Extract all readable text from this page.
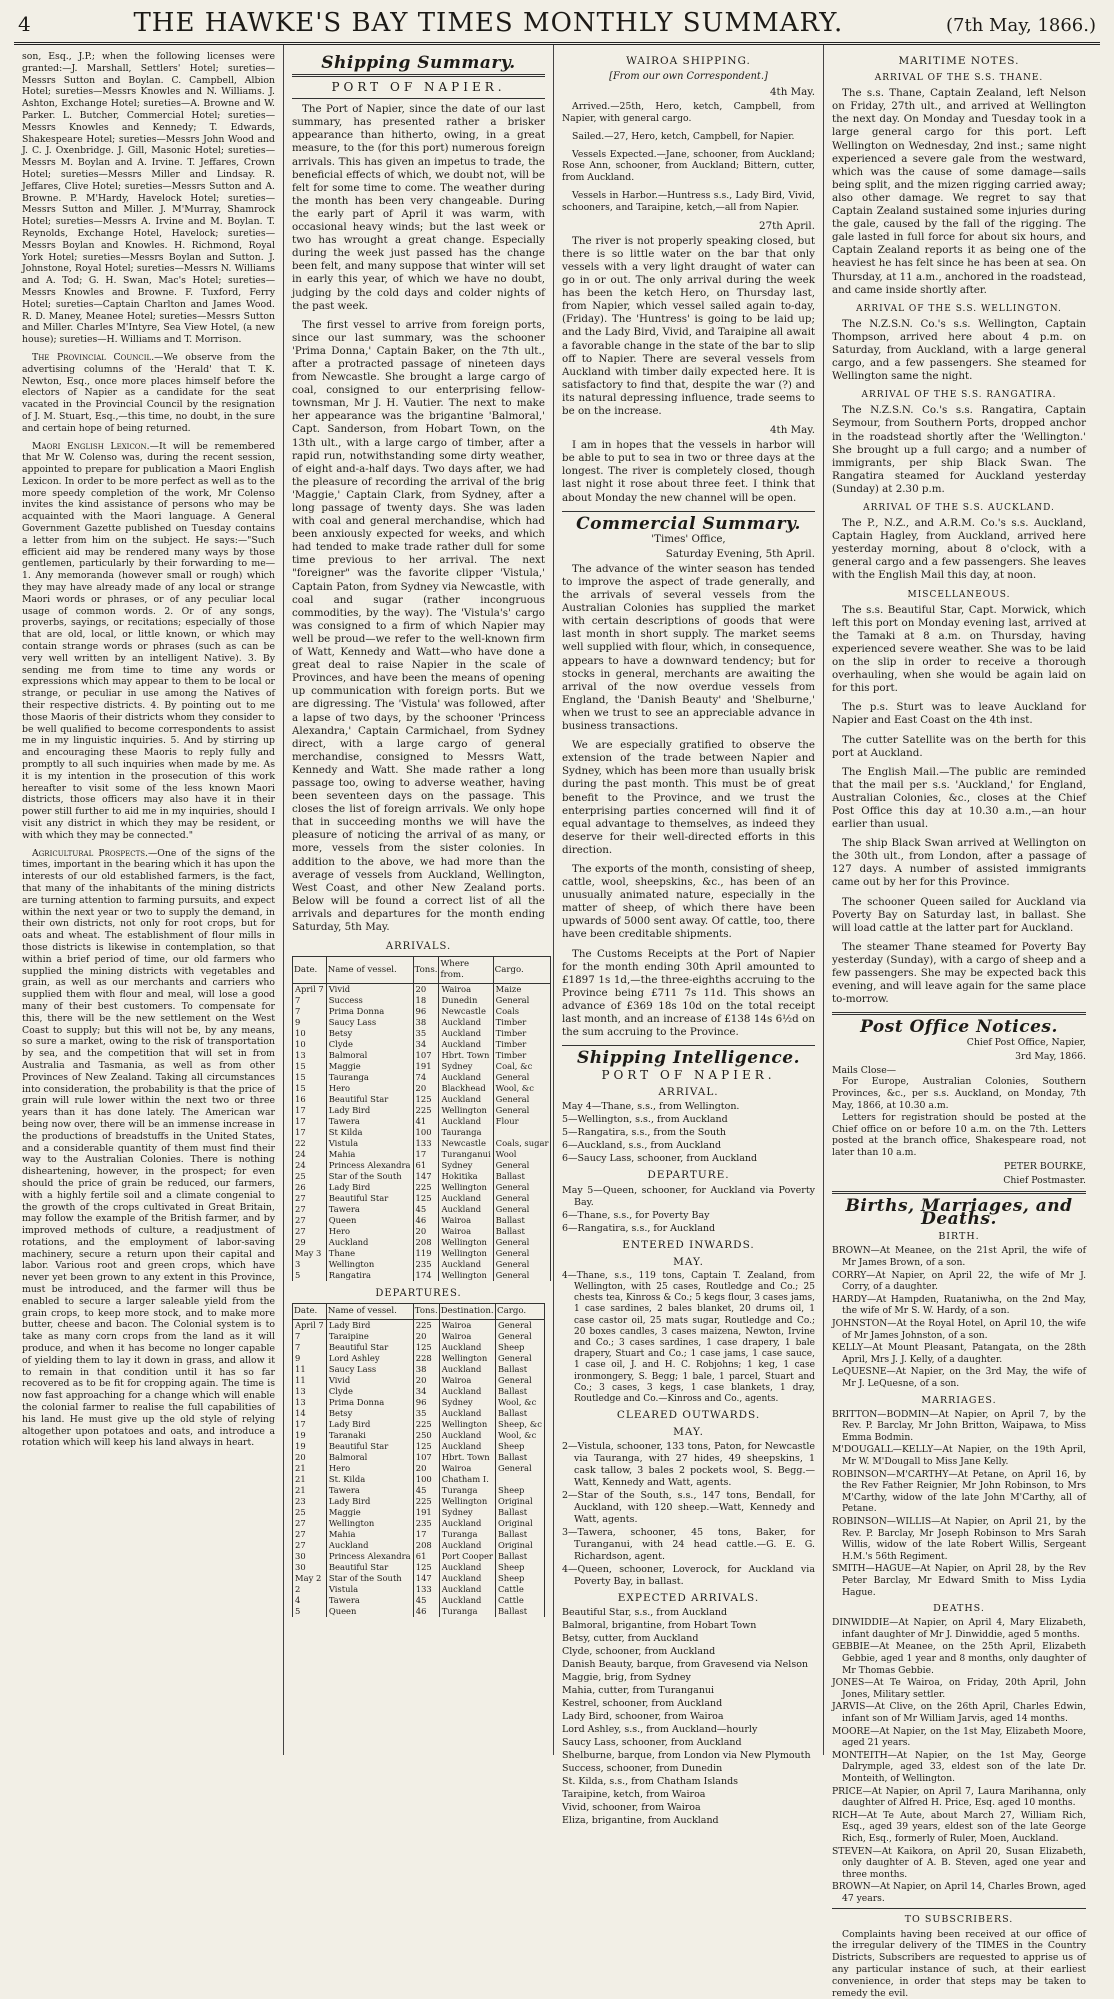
4	THE HAWKE'S BAY TIMES MONTHLY SUMMARY.	(7th May, 1866.)

son, Esq., J.P.; when the following licenses were granted:—J. Marshall, Settlers' Hotel; sureties—Messrs Sutton and Boylan. C. Campbell, Albion Hotel; sureties—Messrs Knowles and N. Williams. J. Ashton, Exchange Hotel; sureties—A. Browne and W. Parker. L. Butcher, Commercial Hotel; sureties—Messrs Knowles and Kennedy; T. Edwards, Shakespeare Hotel; sureties—Messrs John Wood and J. C. J. Oxenbridge. J. Gill, Masonic Hotel; sureties—Messrs M. Boylan and A. Irvine. T. Jeffares, Crown Hotel; sureties—Messrs Miller and Lindsay. R. Jeffares, Clive Hotel; sureties—Messrs Sutton and A. Browne. P. M'Hardy, Havelock Hotel; sureties—Messrs Sutton and Miller. J. M'Murray, Shamrock Hotel; sureties—Messrs A. Irvine and M. Boylan. T. Reynolds, Exchange Hotel, Havelock; sureties—Messrs Boylan and Knowles. H. Richmond, Royal York Hotel; sureties—Messrs Boylan and Sutton. J. Johnstone, Royal Hotel; sureties—Messrs N. Williams and A. Tod; G. H. Swan, Mac's Hotel; sureties—Messrs Knowles and Browne. F. Tuxford, Ferry Hotel; sureties—Captain Charlton and James Wood. R. D. Maney, Meanee Hotel; sureties—Messrs Sutton and Miller. Charles M'Intyre, Sea View Hotel, (a new house); sureties—H. Williams and T. Morrison.

The Provincial Council.—We observe from the advertising columns of the 'Herald' that T. K. Newton, Esq., once more places himself before the electors of Napier as a candidate for the seat vacated in the Provincial Council by the resignation of J. M. Stuart, Esq.,—this time, no doubt, in the sure and certain hope of being returned.

Maori English Lexicon.—It will be remembered that Mr W. Colenso was, during the recent session, appointed to prepare for publication a Maori English Lexicon. In order to be more perfect as well as to the more speedy completion of the work, Mr Colenso invites the kind assistance of persons who may be acquainted with the Maori language. A General Government Gazette published on Tuesday contains a letter from him on the subject. He says:—"Such efficient aid may be rendered many ways by those gentlemen, particularly by their forwarding to me—1. Any memoranda (however small or rough) which they may have already made of any local or strange Maori words or phrases, or of any peculiar local usage of common words. 2. Or of any songs, proverbs, sayings, or recitations; especially of those that are old, local, or little known, or which may contain strange words or phrases (such as can be very well written by an intelligent Native). 3. By sending me from time to time any words or expressions which may appear to them to be local or strange, or peculiar in use among the Natives of their respective districts. 4. By pointing out to me those Maoris of their districts whom they consider to be well qualified to become correspondents to assist me in my linguistic inquiries. 5. And by stirring up and encouraging these Maoris to reply fully and promptly to all such inquiries when made by me. As it is my intention in the prosecution of this work hereafter to visit some of the less known Maori districts, those officers may also have it in their power still further to aid me in my inquiries, should I visit any district in which they may be resident, or with which they may be connected."

Agricultural Prospects.—One of the signs of the times, important in the bearing which it has upon the interests of our old established farmers, is the fact, that many of the inhabitants of the mining districts are turning attention to farming pursuits, and expect within the next year or two to supply the demand, in their own districts, not only for root crops, but for oats and wheat. The establishment of flour mills in those districts is likewise in contemplation, so that within a brief period of time, our old farmers who supplied the mining districts with vegetables and grain, as well as our merchants and carriers who supplied them with flour and meal, will lose a good many of their best customers. To compensate for this, there will be the new settlement on the West Coast to supply; but this will not be, by any means, so sure a market, owing to the risk of transportation by sea, and the competition that will set in from Australia and Tasmania, as well as from other Provinces of New Zealand. Taking all circumstances into consideration, the probability is that the price of grain will rule lower within the next two or three years than it has done lately. The American war being now over, there will be an immense increase in the productions of breadstuffs in the United States, and a considerable quantity of them must find their way to the Australian Colonies. There is nothing disheartening, however, in the prospect; for even should the price of grain be reduced, our farmers, with a highly fertile soil and a climate congenial to the growth of the crops cultivated in Great Britain, may follow the example of the British farmer, and by improved methods of culture, a readjustment of rotations, and the employment of labor-saving machinery, secure a return upon their capital and labor. Various root and green crops, which have never yet been grown to any extent in this Province, must be introduced, and the farmer will thus be enabled to secure a larger saleable yield from the grain crops, to keep more stock, and to make more butter, cheese and bacon. The Colonial system is to take as many corn crops from the land as it will produce, and when it has become no longer capable of yielding them to lay it down in grass, and allow it to remain in that condition until it has so far recovered as to be fit for cropping again. The time is now fast approaching for a change which will enable the colonial farmer to realise the full capabilities of his land. He must give up the old style of relying altogether upon potatoes and oats, and introduce a rotation which will keep his land always in heart.

Shipping Summary.
PORT OF NAPIER.

The Port of Napier, since the date of our last summary, has presented rather a brisker appearance than hitherto, owing, in a great measure, to the (for this port) numerous foreign arrivals. This has given an impetus to trade, the beneficial effects of which, we doubt not, will be felt for some time to come. The weather during the month has been very changeable. During the early part of April it was warm, with occasional heavy winds; but the last week or two has wrought a great change. Especially during the week just passed has the change been felt, and many suppose that winter will set in early this year, of which we have no doubt, judging by the cold days and colder nights of the past week.

The first vessel to arrive from foreign ports, since our last summary, was the schooner 'Prima Donna,' Captain Baker, on the 7th ult., after a protracted passage of nineteen days from Newcastle. She brought a large cargo of coal, consigned to our enterprising fellow-townsman, Mr J. H. Vautier. The next to make her appearance was the brigantine 'Balmoral,' Capt. Sanderson, from Hobart Town, on the 13th ult., with a large cargo of timber, after a rapid run, notwithstanding some dirty weather, of eight and-a-half days. Two days after, we had the pleasure of recording the arrival of the brig 'Maggie,' Captain Clark, from Sydney, after a long passage of twenty days. She was laden with coal and general merchandise, which had been anxiously expected for weeks, and which had tended to make trade rather dull for some time previous to her arrival. The next "foreigner" was the favorite clipper 'Vistula,' Captain Paton, from Sydney via Newcastle, with coal and sugar (rather incongruous commodities, by the way). The 'Vistula's' cargo was consigned to a firm of which Napier may well be proud—we refer to the well-known firm of Watt, Kennedy and Watt—who have done a great deal to raise Napier in the scale of Provinces, and have been the means of opening up communication with foreign ports. But we are digressing. The 'Vistula' was followed, after a lapse of two days, by the schooner 'Princess Alexandra,' Captain Carmichael, from Sydney direct, with a large cargo of general merchandise, consigned to Messrs Watt, Kennedy and Watt. She made rather a long passage too, owing to adverse weather, having been seventeen days on the passage. This closes the list of foreign arrivals. We only hope that in succeeding months we will have the pleasure of noticing the arrival of as many, or more, vessels from the sister colonies. In addition to the above, we had more than the average of vessels from Auckland, Wellington, West Coast, and other New Zealand ports. Below will be found a correct list of all the arrivals and departures for the month ending Saturday, 5th May.

ARRIVALS.
Date.	Name of vessel.	Tons.	Where from.	Cargo.
April 7	Vivid	20	Wairoa	Maize
7	Success	18	Dunedin	General
7	Prima Donna	96	Newcastle	Coals
9	Saucy Lass	38	Auckland	Timber
10	Betsy	35	Auckland	Timber
10	Clyde	34	Auckland	Timber
13	Balmoral	107	Hbrt. Town	Timber
15	Maggie	191	Sydney	Coal, &c
15	Tauranga	74	Auckland	General
15	Hero	20	Blackhead	Wool, &c
16	Beautiful Star	125	Auckland	General
17	Lady Bird	225	Wellington	General
17	Tawera	41	Auckland	Flour
17	St Kilda	100	Tauranga	
22	Vistula	133	Newcastle	Coals, sugar
24	Mahia	17	Turanganui	Wool
24	Princess Alexandra	61	Sydney	General
25	Star of the South	147	Hokitika	Ballast
26	Lady Bird	225	Wellington	General
27	Beautiful Star	125	Auckland	General
27	Tawera	45	Auckland	General
27	Queen	46	Wairoa	Ballast
27	Hero	20	Wairoa	Ballast
29	Auckland	208	Wellington	General
May 3	Thane	119	Wellington	General
3	Wellington	235	Auckland	General
5	Rangatira	174	Wellington	General
DEPARTURES.
Date.	Name of vessel.	Tons.	Destination.	Cargo.
April 7	Lady Bird	225	Wairoa	General
7	Taraipine	20	Wairoa	General
7	Beautiful Star	125	Auckland	Sheep
9	Lord Ashley	228	Wellington	General
11	Saucy Lass	38	Auckland	Ballast
11	Vivid	20	Wairoa	General
13	Clyde	34	Auckland	Ballast
13	Prima Donna	96	Sydney	Wool, &c
14	Betsy	35	Auckland	Ballast
17	Lady Bird	225	Wellington	Sheep, &c
19	Taranaki	250	Auckland	Wool, &c
19	Beautiful Star	125	Auckland	Sheep
20	Balmoral	107	Hbrt. Town	Ballast
21	Hero	20	Wairoa	General
21	St. Kilda	100	Chatham I.	
21	Tawera	45	Turanga	Sheep
23	Lady Bird	225	Wellington	Original
25	Maggie	191	Sydney	Ballast
27	Wellington	235	Auckland	Original
27	Mahia	17	Turanga	Ballast
27	Auckland	208	Auckland	Original
30	Princess Alexandra	61	Port Cooper	Ballast
30	Beautiful Star	125	Auckland	Sheep
May 2	Star of the South	147	Auckland	Sheep
2	Vistula	133	Auckland	Cattle
4	Tawera	45	Auckland	Cattle
5	Queen	46	Turanga	Ballast
WAIROA SHIPPING.
[From our own Correspondent.]
4th May.

Arrived.—25th, Hero, ketch, Campbell, from Napier, with general cargo.

Sailed.—27, Hero, ketch, Campbell, for Napier.

Vessels Expected.—Jane, schooner, from Auckland; Rose Ann, schooner, from Auckland; Bittern, cutter, from Auckland.

Vessels in Harbor.—Huntress s.s., Lady Bird, Vivid, schooners, and Taraipine, ketch,—all from Napier.

27th April.

The river is not properly speaking closed, but there is so little water on the bar that only vessels with a very light draught of water can go in or out. The only arrival during the week has been the ketch Hero, on Thursday last, from Napier, which vessel sailed again to-day, (Friday). The 'Huntress' is going to be laid up; and the Lady Bird, Vivid, and Taraipine all await a favorable change in the state of the bar to slip off to Napier. There are several vessels from Auckland with timber daily expected here. It is satisfactory to find that, despite the war (?) and its natural depressing influence, trade seems to be on the increase.

4th May.

I am in hopes that the vessels in harbor will be able to put to sea in two or three days at the longest. The river is completely closed, though last night it rose about three feet. I think that about Monday the new channel will be open.

Commercial Summary.
'Times' Office,
Saturday Evening, 5th April.

The advance of the winter season has tended to improve the aspect of trade generally, and the arrivals of several vessels from the Australian Colonies has supplied the market with certain descriptions of goods that were last month in short supply. The market seems well supplied with flour, which, in consequence, appears to have a downward tendency; but for stocks in general, merchants are awaiting the arrival of the now overdue vessels from England, the 'Danish Beauty' and 'Shelburne,' when we trust to see an appreciable advance in business transactions.

We are especially gratified to observe the extension of the trade between Napier and Sydney, which has been more than usually brisk during the past month. This must be of great benefit to the Province, and we trust the enterprising parties concerned will find it of equal advantage to themselves, as indeed they deserve for their well-directed efforts in this direction.

The exports of the month, consisting of sheep, cattle, wool, sheepskins, &c., has been of an unusually animated nature, especially in the matter of sheep, of which there have been upwards of 5000 sent away. Of cattle, too, there have been creditable shipments.

The Customs Receipts at the Port of Napier for the month ending 30th April amounted to £1897 1s 1d,—the three-eighths accruing to the Province being £711 7s 11d. This shows an advance of £369 18s 10d on the total receipt last month, and an increase of £138 14s 6½d on the sum accruing to the Province.

Shipping Intelligence.
PORT OF NAPIER.
ARRIVAL.
May 4—Thane, s.s., from Wellington.
5—Wellington, s.s., from Auckland
5—Rangatira, s.s., from the South
6—Auckland, s.s., from Auckland
6—Saucy Lass, schooner, from Auckland
DEPARTURE.
May 5—Queen, schooner, for Auckland via Poverty Bay.
6—Thane, s.s., for Poverty Bay
6—Rangatira, s.s., for Auckland
ENTERED INWARDS.
MAY.
4—Thane, s.s., 119 tons, Captain T. Zealand, from Wellington, with 25 cases, Routledge and Co.; 25 chests tea, Kinross & Co.; 5 kegs flour, 3 cases jams, 1 case sardines, 2 bales blanket, 20 drums oil, 1 case castor oil, 25 mats sugar, Routledge and Co.; 20 boxes candles, 3 cases maizena, Newton, Irvine and Co.; 3 cases sardines, 1 case drapery, 1 bale drapery, Stuart and Co.; 1 case jams, 1 case sauce, 1 case oil, J. and H. C. Robjohns; 1 keg, 1 case ironmongery, S. Begg; 1 bale, 1 parcel, Stuart and Co.; 3 cases, 3 kegs, 1 case blankets, 1 dray, Routledge and Co.—Kinross and Co., agents.
CLEARED OUTWARDS.
MAY.
2—Vistula, schooner, 133 tons, Paton, for Newcastle via Tauranga, with 27 hides, 49 sheepskins, 1 cask tallow, 3 bales 2 pockets wool, S. Begg.—Watt, Kennedy and Watt, agents.
2—Star of the South, s.s., 147 tons, Bendall, for Auckland, with 120 sheep.—Watt, Kennedy and Watt, agents.
3—Tawera, schooner, 45 tons, Baker, for Turanganui, with 24 head cattle.—G. E. G. Richardson, agent.
4—Queen, schooner, Loverock, for Auckland via Poverty Bay, in ballast.
EXPECTED ARRIVALS.
Beautiful Star, s.s., from Auckland
Balmoral, brigantine, from Hobart Town
Betsy, cutter, from Auckland
Clyde, schooner, from Auckland
Danish Beauty, barque, from Gravesend via Nelson
Maggie, brig, from Sydney
Mahia, cutter, from Turanganui
Kestrel, schooner, from Auckland
Lady Bird, schooner, from Wairoa
Lord Ashley, s.s., from Auckland—hourly
Saucy Lass, schooner, from Auckland
Shelburne, barque, from London via New Plymouth
Success, schooner, from Dunedin
St. Kilda, s.s., from Chatham Islands
Taraipine, ketch, from Wairoa
Vivid, schooner, from Wairoa
Eliza, brigantine, from Auckland
MARITIME NOTES.
ARRIVAL OF THE S.S. THANE.

The s.s. Thane, Captain Zealand, left Nelson on Friday, 27th ult., and arrived at Wellington the next day. On Monday and Tuesday took in a large general cargo for this port. Left Wellington on Wednesday, 2nd inst.; same night experienced a severe gale from the westward, which was the cause of some damage—sails being split, and the mizen rigging carried away; also other damage. We regret to say that Captain Zealand sustained some injuries during the gale, caused by the fall of the rigging. The gale lasted in full force for about six hours, and Captain Zealand reports it as being one of the heaviest he has felt since he has been at sea. On Thursday, at 11 a.m., anchored in the roadstead, and came inside shortly after.

ARRIVAL OF THE S.S. WELLINGTON.

The N.Z.S.N. Co.'s s.s. Wellington, Captain Thompson, arrived here about 4 p.m. on Saturday, from Auckland, with a large general cargo, and a few passengers. She steamed for Wellington same the night.

ARRIVAL OF THE S.S. RANGATIRA.

The N.Z.S.N. Co.'s s.s. Rangatira, Captain Seymour, from Southern Ports, dropped anchor in the roadstead shortly after the 'Wellington.' She brought up a full cargo; and a number of immigrants, per ship Black Swan. The Rangatira steamed for Auckland yesterday (Sunday) at 2.30 p.m.

ARRIVAL OF THE S.S. AUCKLAND.

The P., N.Z., and A.R.M. Co.'s s.s. Auckland, Captain Hagley, from Auckland, arrived here yesterday morning, about 8 o'clock, with a general cargo and a few passengers. She leaves with the English Mail this day, at noon.

MISCELLANEOUS.

The s.s. Beautiful Star, Capt. Morwick, which left this port on Monday evening last, arrived at the Tamaki at 8 a.m. on Thursday, having experienced severe weather. She was to be laid on the slip in order to receive a thorough overhauling, when she would be again laid on for this port.

The p.s. Sturt was to leave Auckland for Napier and East Coast on the 4th inst.

The cutter Satellite was on the berth for this port at Auckland.

The English Mail.—The public are reminded that the mail per s.s. 'Auckland,' for England, Australian Colonies, &c., closes at the Chief Post Office this day at 10.30 a.m.,—an hour earlier than usual.

The ship Black Swan arrived at Wellington on the 30th ult., from London, after a passage of 127 days. A number of assisted immigrants came out by her for this Province.

The schooner Queen sailed for Auckland via Poverty Bay on Saturday last, in ballast. She will load cattle at the latter part for Auckland.

The steamer Thane steamed for Poverty Bay yesterday (Sunday), with a cargo of sheep and a few passengers. She may be expected back this evening, and will leave again for the same place to-morrow.

Post Office Notices.
Chief Post Office, Napier,
3rd May, 1866.
Mails Close—
For Europe, Australian Colonies, Southern Provinces, &c., per s.s. Auckland, on Monday, 7th May, 1866, at 10.30 a.m.
Letters for registration should be posted at the Chief office on or before 10 a.m. on the 7th. Letters posted at the branch office, Shakespeare road, not later than 10 a.m.
PETER BOURKE,
Chief Postmaster.
Births, Marriages, and Deaths.
BIRTH.
BROWN—At Meanee, on the 21st April, the wife of Mr James Brown, of a son.
CORRY—At Napier, on April 22, the wife of Mr J. Corry, of a daughter.
HARDY—At Hampden, Ruataniwha, on the 2nd May, the wife of Mr S. W. Hardy, of a son.
JOHNSTON—At the Royal Hotel, on April 10, the wife of Mr James Johnston, of a son.
KELLY—At Mount Pleasant, Patangata, on the 28th April, Mrs J. J. Kelly, of a daughter.
LeQUESNE—At Napier, on the 3rd May, the wife of Mr J. LeQuesne, of a son.
MARRIAGES.
BRITTON—BODMIN—At Napier, on April 7, by the Rev. P. Barclay, Mr John Britton, Waipawa, to Miss Emma Bodmin.
M'DOUGALL—KELLY—At Napier, on the 19th April, Mr W. M'Dougall to Miss Jane Kelly.
ROBINSON—M'CARTHY—At Petane, on April 16, by the Rev Father Reignier, Mr John Robinson, to Mrs M'Carthy, widow of the late John M'Carthy, all of Petane.
ROBINSON—WILLIS—At Napier, on April 21, by the Rev. P. Barclay, Mr Joseph Robinson to Mrs Sarah Willis, widow of the late Robert Willis, Sergeant H.M.'s 56th Regiment.
SMITH—HAGUE—At Napier, on April 28, by the Rev Peter Barclay, Mr Edward Smith to Miss Lydia Hague.
DEATHS.
DINWIDDIE—At Napier, on April 4, Mary Elizabeth, infant daughter of Mr J. Dinwiddie, aged 5 months.
GEBBIE—At Meanee, on the 25th April, Elizabeth Gebbie, aged 1 year and 8 months, only daughter of Mr Thomas Gebbie.
JONES—At Te Wairoa, on Friday, 20th April, John Jones, Military settler.
JARVIS—At Clive, on the 26th April, Charles Edwin, infant son of Mr William Jarvis, aged 14 months.
MOORE—At Napier, on the 1st May, Elizabeth Moore, aged 21 years.
MONTEITH—At Napier, on the 1st May, George Dalrymple, aged 33, eldest son of the late Dr. Monteith, of Wellington.
PRICE—At Napier, on April 7, Laura Marihanna, only daughter of Alfred H. Price, Esq. aged 10 months.
RICH—At Te Aute, about March 27, William Rich, Esq., aged 39 years, eldest son of the late George Rich, Esq., formerly of Ruler, Moen, Auckland.
STEVEN—At Kaikora, on April 20, Susan Elizabeth, only daughter of A. B. Steven, aged one year and three months.
BROWN—At Napier, on April 14, Charles Brown, aged 47 years.
TO SUBSCRIBERS.
Complaints having been received at our office of the irregular delivery of the TIMES in the Country Districts, Subscribers are requested to apprise us of any particular instance of such, at their earliest convenience, in order that steps may be taken to remedy the evil.
